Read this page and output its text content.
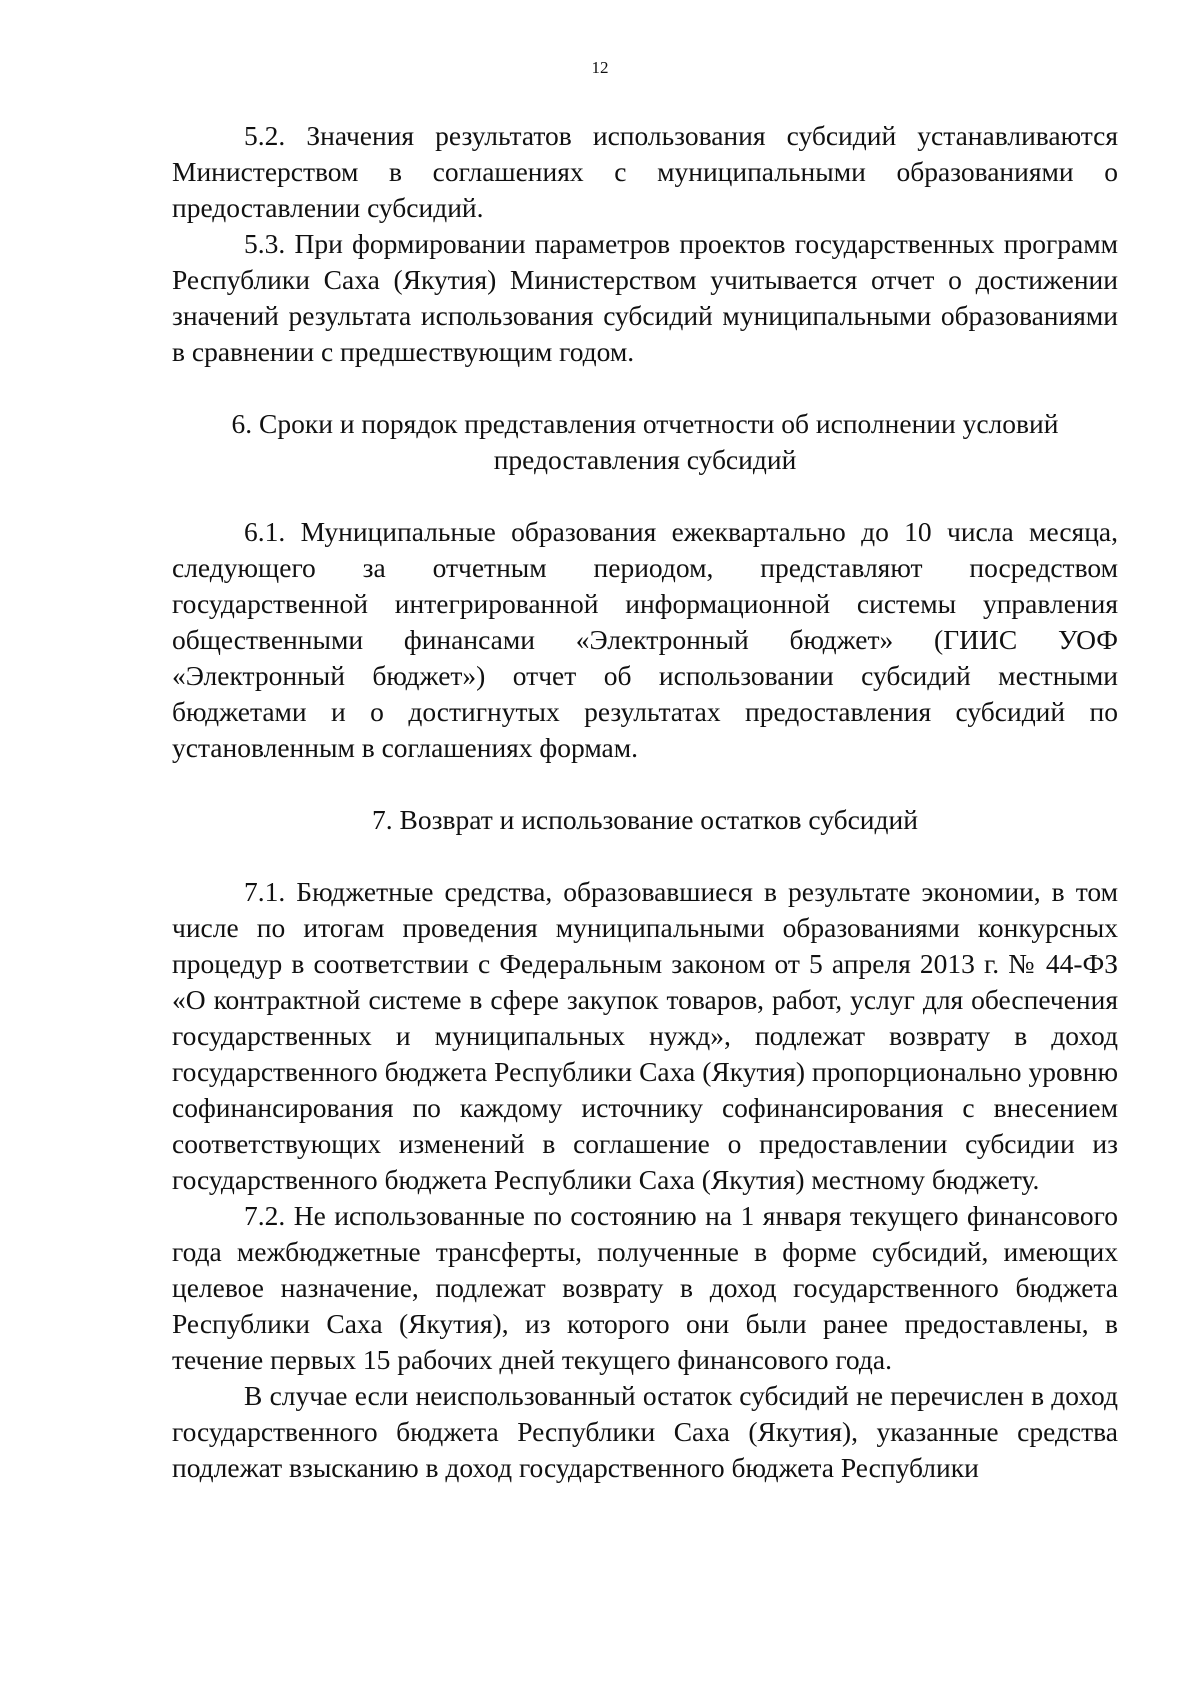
12

5.2. Значения результатов использования субсидий устанавливаются Министерством в соглашениях с муниципальными образованиями о предоставлении субсидий.

5.3. При формировании параметров проектов государственных программ Республики Саха (Якутия) Министерством учитывается отчет о достижении значений результата использования субсидий муниципальными образованиями в сравнении с предшествующим годом.

6. Сроки и порядок представления отчетности об исполнении условий предоставления субсидий

6.1. Муниципальные образования ежеквартально до 10 числа месяца, следующего за отчетным периодом, представляют посредством государственной интегрированной информационной системы управления общественными финансами «Электронный бюджет» (ГИИС УОФ «Электронный бюджет») отчет об использовании субсидий местными бюджетами и о достигнутых результатах предоставления субсидий по установленным в соглашениях формам.

7. Возврат и использование остатков субсидий

7.1. Бюджетные средства, образовавшиеся в результате экономии, в том числе по итогам проведения муниципальными образованиями конкурсных процедур в соответствии с Федеральным законом от 5 апреля 2013 г. № 44-ФЗ «О контрактной системе в сфере закупок товаров, работ, услуг для обеспечения государственных и муниципальных нужд», подлежат возврату в доход государственного бюджета Республики Саха (Якутия) пропорционально уровню софинансирования по каждому источнику софинансирования с внесением соответствующих изменений в соглашение о предоставлении субсидии из государственного бюджета Республики Саха (Якутия) местному бюджету.

7.2. Не использованные по состоянию на 1 января текущего финансового года межбюджетные трансферты, полученные в форме субсидий, имеющих целевое назначение, подлежат возврату в доход государственного бюджета Республики Саха (Якутия), из которого они были ранее предоставлены, в течение первых 15 рабочих дней текущего финансового года.

В случае если неиспользованный остаток субсидий не перечислен в доход государственного бюджета Республики Саха (Якутия), указанные средства подлежат взысканию в доход государственного бюджета Республики
